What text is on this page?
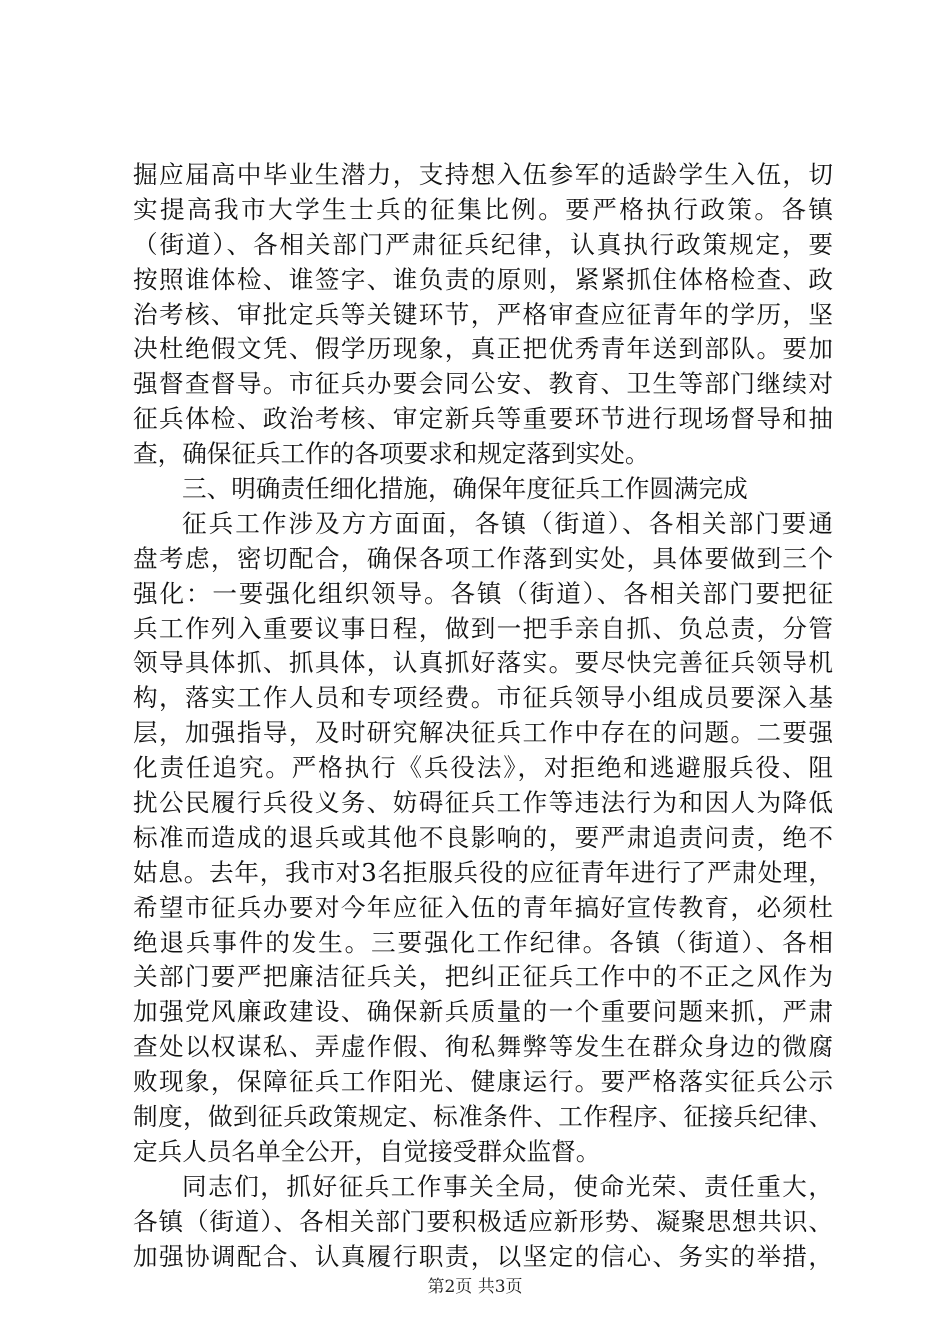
掘应届高中毕业生潜力，支持想入伍参军的适龄学生入伍，切
实提高我市大学生士兵的征集比例。要严格执行政策。各镇
（街道）、各相关部门严肃征兵纪律，认真执行政策规定，要
按照谁体检、谁签字、谁负责的原则，紧紧抓住体格检查、政
治考核、审批定兵等关键环节，严格审查应征青年的学历，坚
决杜绝假文凭、假学历现象，真正把优秀青年送到部队。要加
强督查督导。市征兵办要会同公安、教育、卫生等部门继续对
征兵体检、政治考核、审定新兵等重要环节进行现场督导和抽
查，确保征兵工作的各项要求和规定落到实处。
三、明确责任细化措施，确保年度征兵工作圆满完成
征兵工作涉及方方面面，各镇（街道）、各相关部门要通
盘考虑，密切配合，确保各项工作落到实处，具体要做到三个
强化：一要强化组织领导。各镇（街道）、各相关部门要把征
兵工作列入重要议事日程，做到一把手亲自抓、负总责，分管
领导具体抓、抓具体，认真抓好落实。要尽快完善征兵领导机
构，落实工作人员和专项经费。市征兵领导小组成员要深入基
层，加强指导，及时研究解决征兵工作中存在的问题。二要强
化责任追究。严格执行《兵役法》，对拒绝和逃避服兵役、阻
扰公民履行兵役义务、妨碍征兵工作等违法行为和因人为降低
标准而造成的退兵或其他不良影响的，要严肃追责问责，绝不
姑息。去年，我市对3名拒服兵役的应征青年进行了严肃处理，
希望市征兵办要对今年应征入伍的青年搞好宣传教育，必须杜
绝退兵事件的发生。三要强化工作纪律。各镇（街道）、各相
关部门要严把廉洁征兵关，把纠正征兵工作中的不正之风作为
加强党风廉政建设、确保新兵质量的一个重要问题来抓，严肃
查处以权谋私、弄虚作假、徇私舞弊等发生在群众身边的微腐
败现象，保障征兵工作阳光、健康运行。要严格落实征兵公示
制度，做到征兵政策规定、标准条件、工作程序、征接兵纪律、
定兵人员名单全公开，自觉接受群众监督。
同志们，抓好征兵工作事关全局，使命光荣、责任重大，
各镇（街道）、各相关部门要积极适应新形势、凝聚思想共识、
加强协调配合、认真履行职责，以坚定的信心、务实的举措，
第2页 共3页
